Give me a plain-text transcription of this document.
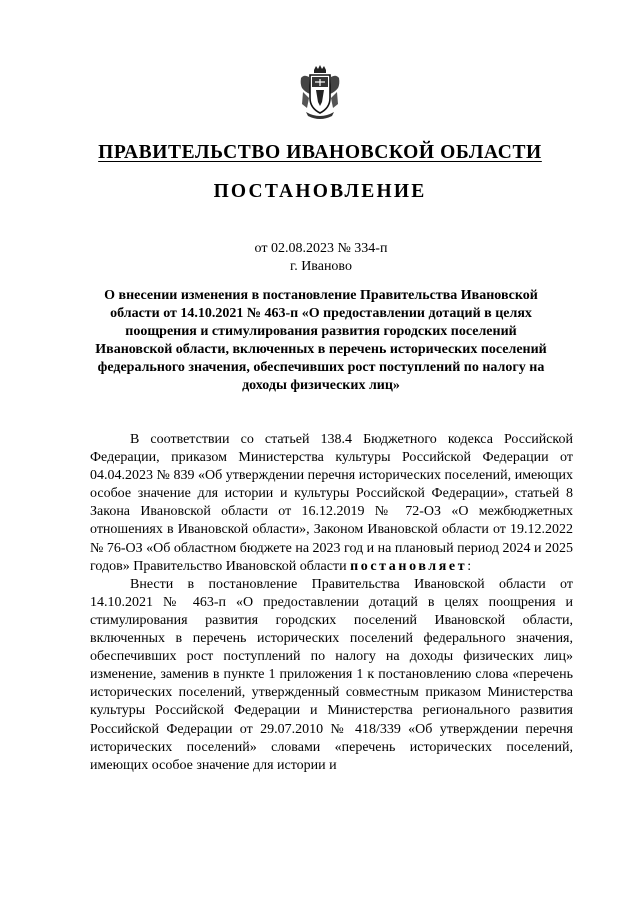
ПРАВИТЕЛЬСТВО ИВАНОВСКОЙ ОБЛАСТИ
ПОСТАНОВЛЕНИЕ
от 02.08.2023 № 334-п
г. Иваново
О внесении изменения в постановление Правительства Ивановской области от 14.10.2021 № 463-п «О предоставлении дотаций в целях поощрения и стимулирования развития городских поселений Ивановской области, включенных в перечень исторических поселений федерального значения, обеспечивших рост поступлений по налогу на доходы физических лиц»

В соответствии со статьей 138.4 Бюджетного кодекса Российской Федерации, приказом Министерства культуры Российской Федерации от 04.04.2023 № 839 «Об утверждении перечня исторических поселений, имеющих особое значение для истории и культуры Российской Федерации», статьей 8 Закона Ивановской области от 16.12.2019 № 72-ОЗ «О межбюджетных отношениях в Ивановской области», Законом Ивановской области от 19.12.2022 № 76-ОЗ «Об областном бюджете на 2023 год и на плановый период 2024 и 2025 годов» Правительство Ивановской области постановляет:

Внести в постановление Правительства Ивановской области от 14.10.2021 № 463-п «О предоставлении дотаций в целях поощрения и стимулирования развития городских поселений Ивановской области, включенных в перечень исторических поселений федерального значения, обеспечивших рост поступлений по налогу на доходы физических лиц» изменение, заменив в пункте 1 приложения 1 к постановлению слова «перечень исторических поселений, утвержденный совместным приказом Министерства культуры Российской Федерации и Министерства регионального развития Российской Федерации от 29.07.2010 № 418/339 «Об утверждении перечня исторических поселений» словами «перечень исторических поселений, имеющих особое значение для истории и
